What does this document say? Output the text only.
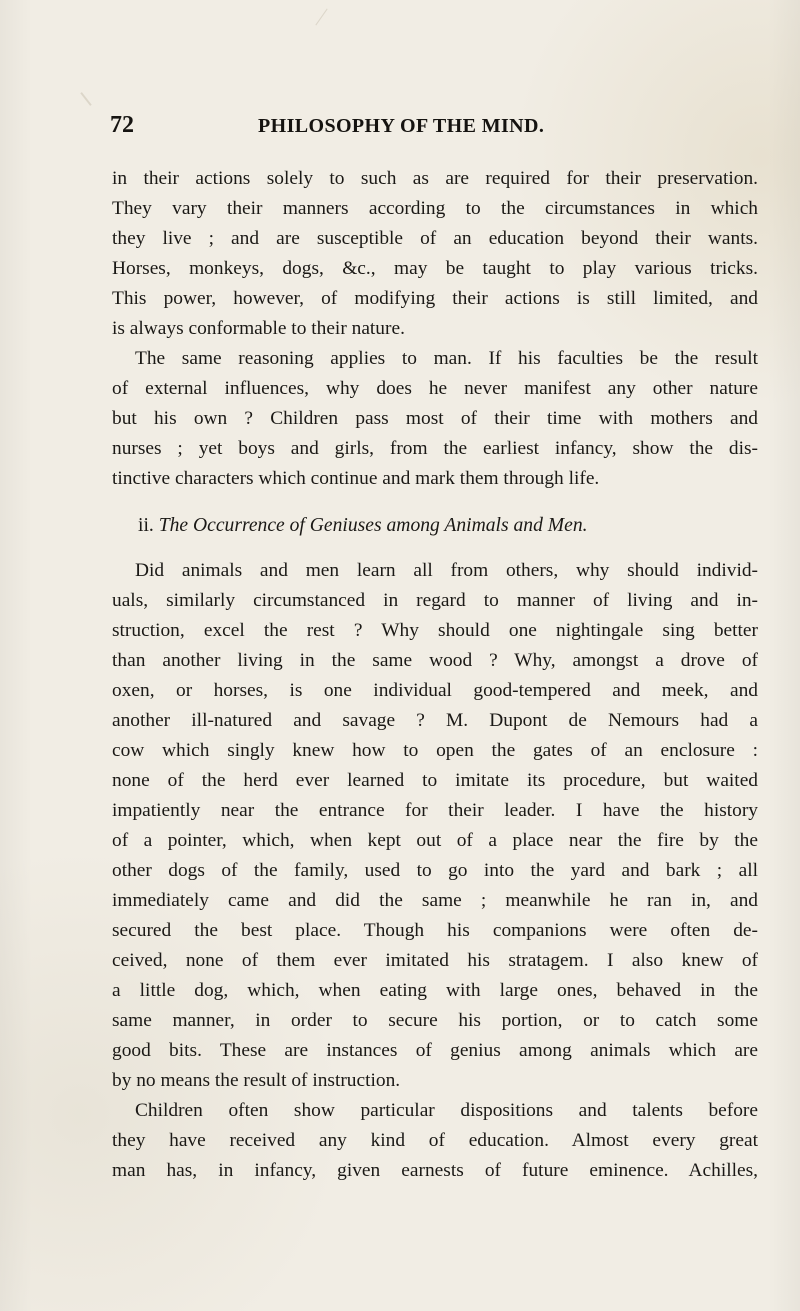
72	PHILOSOPHY OF THE MIND.
in their actions solely to such as are required for their preservation.
They vary their manners according to the circumstances in which
they live ; and are susceptible of an education beyond their wants.
Horses, monkeys, dogs, &c., may be taught to play various tricks.
This power, however, of modifying their actions is still limited, and
is always conformable to their nature.
The same reasoning applies to man. If his faculties be the result
of external influences, why does he never manifest any other nature
but his own ? Children pass most of their time with mothers and
nurses ; yet boys and girls, from the earliest infancy, show the dis-
tinctive characters which continue and mark them through life.
ii. The Occurrence of Geniuses among Animals and Men.
Did animals and men learn all from others, why should individ-
uals, similarly circumstanced in regard to manner of living and in-
struction, excel the rest ? Why should one nightingale sing better
than another living in the same wood ? Why, amongst a drove of
oxen, or horses, is one individual good-tempered and meek, and
another ill-natured and savage ? M. Dupont de Nemours had a
cow which singly knew how to open the gates of an enclosure :
none of the herd ever learned to imitate its procedure, but waited
impatiently near the entrance for their leader. I have the history
of a pointer, which, when kept out of a place near the fire by the
other dogs of the family, used to go into the yard and bark ; all
immediately came and did the same ; meanwhile he ran in, and
secured the best place. Though his companions were often de-
ceived, none of them ever imitated his stratagem. I also knew of
a little dog, which, when eating with large ones, behaved in the
same manner, in order to secure his portion, or to catch some
good bits. These are instances of genius among animals which are
by no means the result of instruction.
Children often show particular dispositions and talents before
they have received any kind of education. Almost every great
man has, in infancy, given earnests of future eminence. Achilles,
